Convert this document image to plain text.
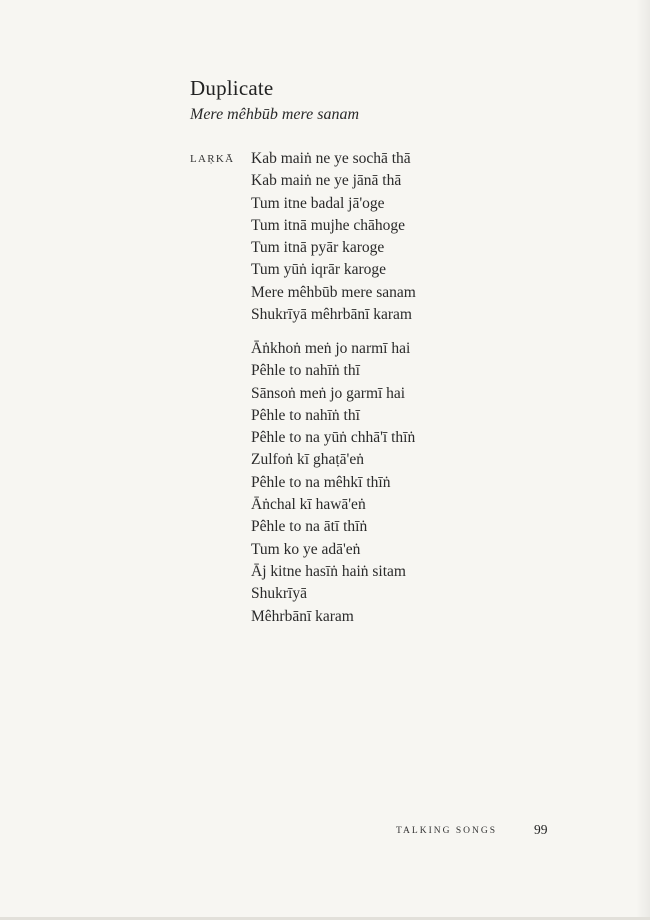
Duplicate
Mere mêhbūb mere sanam
LAṚKĀ Kab maiṅ ne ye sochā thā
Kab maiṅ ne ye jānā thā
Tum itne badal jā'oge
Tum itnā mujhe chāhoge
Tum itnā pyār karoge
Tum yūṅ iqrār karoge
Mere mêhbūb mere sanam
Shukrīyā mêhrbānī karam
Āṅkhoṅ meṅ jo narmī hai
Pêhle to nahīṅ thī
Sānsoṅ meṅ jo garmī hai
Pêhle to nahīṅ thī
Pêhle to na yūṅ chhā'ī thīṅ
Zulfoṅ kī ghaṭā'eṅ
Pêhle to na mêhkī thīṅ
Āṅchal kī hawā'eṅ
Pêhle to na ātī thīṅ
Tum ko ye adā'eṅ
Āj kitne hasīṅ haiṅ sitam
Shukrīyā
Mêhrbānī karam
TALKING SONGS	99
